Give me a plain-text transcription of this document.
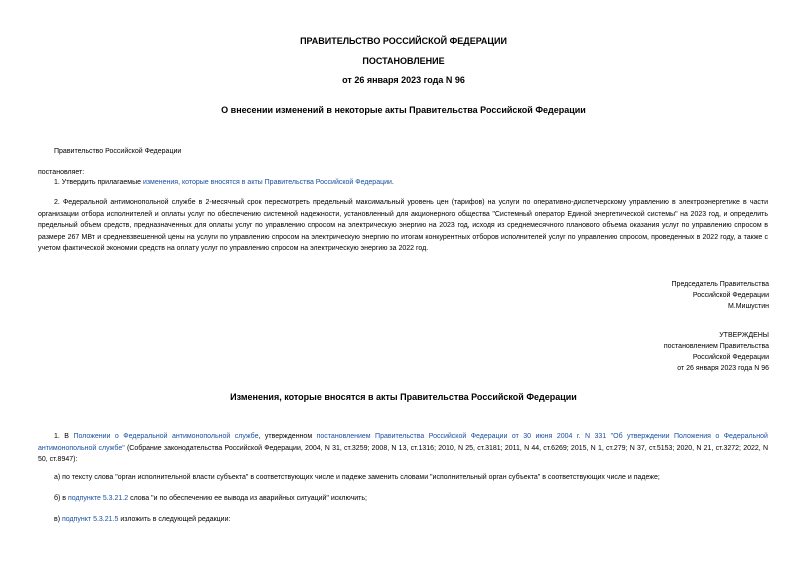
ПРАВИТЕЛЬСТВО РОССИЙСКОЙ ФЕДЕРАЦИИ
ПОСТАНОВЛЕНИЕ
от 26 января 2023 года N 96
О внесении изменений в некоторые акты Правительства Российской Федерации
Правительство Российской Федерации
постановляет:
1. Утвердить прилагаемые изменения, которые вносятся в акты Правительства Российской Федерации.
2. Федеральной антимонопольной службе в 2-месячный срок пересмотреть предельный максимальный уровень цен (тарифов) на услуги по оперативно-диспетчерскому управлению в электроэнергетике в части организации отбора исполнителей и оплаты услуг по обеспечению системной надежности, установленный для акционерного общества "Системный оператор Единой энергетической системы" на 2023 год, и определить предельный объем средств, предназначенных для оплаты услуг по управлению спросом на электрическую энергию на 2023 год, исходя из среднемесячного планового объема оказания услуг по управлению спросом в размере 267 МВт и средневзвешенной цены на услуги по управлению спросом на электрическую энергию по итогам конкурентных отборов исполнителей услуг по управлению спросом, проведенных в 2022 году, а также с учетом фактической экономии средств на оплату услуг по управлению спросом на электрическую энергию за 2022 год.
Председатель Правительства
Российской Федерации
М.Мишустин
УТВЕРЖДЕНЫ
постановлением Правительства
Российской Федерации
от 26 января 2023 года N 96
Изменения, которые вносятся в акты Правительства Российской Федерации
1. В Положении о Федеральной антимонопольной службе, утвержденном постановлением Правительства Российской Федерации от 30 июня 2004 г. N 331 "Об утверждении Положения о Федеральной антимонопольной службе" (Собрание законодательства Российской Федерации, 2004, N 31, ст.3259; 2008, N 13, ст.1316; 2010, N 25, ст.3181; 2011, N 44, ст.6269; 2015, N 1, ст.279; N 37, ст.5153; 2020, N 21, ст.3272; 2022, N 50, ст.8947):
а) по тексту слова "орган исполнительной власти субъекта" в соответствующих числе и падеже заменить словами "исполнительный орган субъекта" в соответствующих числе и падеже;
б) в подпункте 5.3.21.2 слова "и по обеспечению ее вывода из аварийных ситуаций" исключить;
в) подпункт 5.3.21.5 изложить в следующей редакции:
